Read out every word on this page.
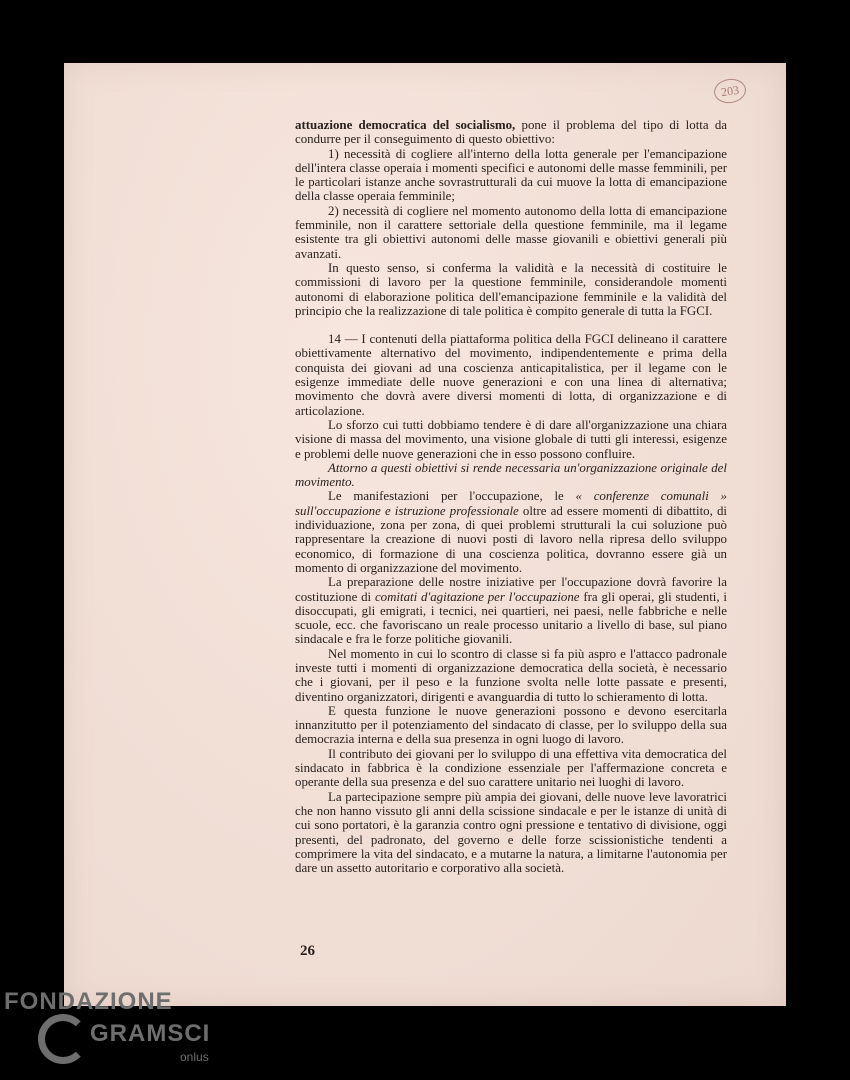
203

attuazione democratica del socialismo, pone il problema del tipo di lotta da condurre per il conseguimento di questo obiettivo:

1) necessità di cogliere all'interno della lotta generale per l'emancipazione dell'intera classe operaia i momenti specifici e autonomi delle masse femminili, per le particolari istanze anche sovrastrutturali da cui muove la lotta di emancipazione della classe operaia femminile;

2) necessità di cogliere nel momento autonomo della lotta di emancipazione femminile, non il carattere settoriale della questione femminile, ma il legame esistente tra gli obiettivi autonomi delle masse giovanili e obiettivi generali più avanzati.

In questo senso, si conferma la validità e la necessità di costituire le commissioni di lavoro per la questione femminile, considerandole momenti autonomi di elaborazione politica dell'emancipazione femminile e la validità del principio che la realizzazione di tale politica è compito generale di tutta la FGCI.

14 — I contenuti della piattaforma politica della FGCI delineano il carattere obiettivamente alternativo del movimento, indipendentemente e prima della conquista dei giovani ad una coscienza anticapitalistica, per il legame con le esigenze immediate delle nuove generazioni e con una linea di alternativa; movimento che dovrà avere diversi momenti di lotta, di organizzazione e di articolazione.

Lo sforzo cui tutti dobbiamo tendere è di dare all'organizzazione una chiara visione di massa del movimento, una visione globale di tutti gli interessi, esigenze e problemi delle nuove generazioni che in esso possono confluire.

Attorno a questi obiettivi si rende necessaria un'organizzazione originale del movimento.

Le manifestazioni per l'occupazione, le « conferenze comunali » sull'occupazione e istruzione professionale oltre ad essere momenti di dibattito, di individuazione, zona per zona, di quei problemi strutturali la cui soluzione può rappresentare la creazione di nuovi posti di lavoro nella ripresa dello sviluppo economico, di formazione di una coscienza politica, dovranno essere già un momento di organizzazione del movimento.

La preparazione delle nostre iniziative per l'occupazione dovrà favorire la costituzione di comitati d'agitazione per l'occupazione fra gli operai, gli studenti, i disoccupati, gli emigrati, i tecnici, nei quartieri, nei paesi, nelle fabbriche e nelle scuole, ecc. che favoriscano un reale processo unitario a livello di base, sul piano sindacale e fra le forze politiche giovanili.

Nel momento in cui lo scontro di classe si fa più aspro e l'attacco padronale investe tutti i momenti di organizzazione democratica della società, è necessario che i giovani, per il peso e la funzione svolta nelle lotte passate e presenti, diventino organizzatori, dirigenti e avanguardia di tutto lo schieramento di lotta.

E questa funzione le nuove generazioni possono e devono esercitarla innanzitutto per il potenziamento del sindacato di classe, per lo sviluppo della sua democrazia interna e della sua presenza in ogni luogo di lavoro.

Il contributo dei giovani per lo sviluppo di una effettiva vita democratica del sindacato in fabbrica è la condizione essenziale per l'affermazione concreta e operante della sua presenza e del suo carattere unitario nei luoghi di lavoro.

La partecipazione sempre più ampia dei giovani, delle nuove leve lavoratrici che non hanno vissuto gli anni della scissione sindacale e per le istanze di unità di cui sono portatori, è la garanzia contro ogni pressione e tentativo di divisione, oggi presenti, del padronato, del governo e delle forze scissionistiche tendenti a comprimere la vita del sindacato, e a mutarne la natura, a limitarne l'autonomia per dare un assetto autoritario e corporativo alla società.

26
FONDAZIONE
GRAMSCI
onlus
